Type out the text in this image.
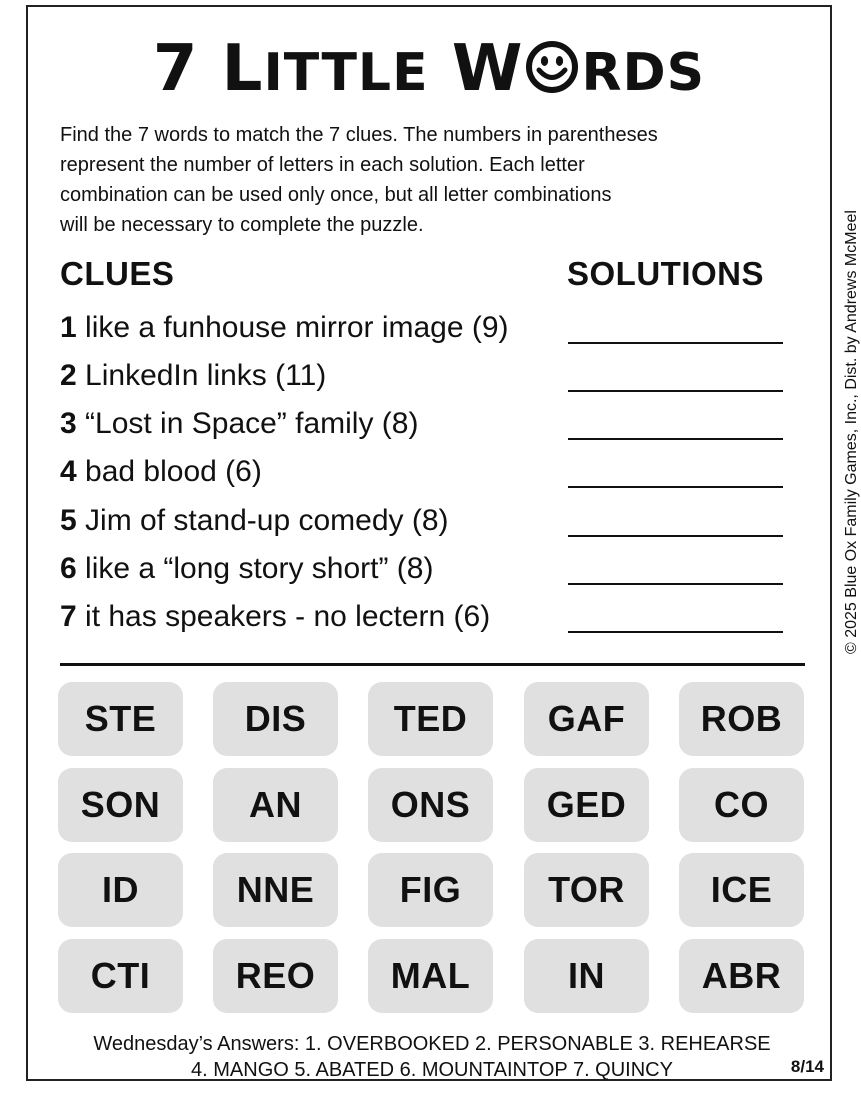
7 LITTLE W RDS

Find the 7 words to match the 7 clues. The numbers in parentheses

represent the number of letters in each solution. Each letter

combination can be used only once, but all letter combinations

will be necessary to complete the puzzle.

CLUES	SOLUTIONS
1 like a funhouse mirror image (9)
2 LinkedIn links (11)
3 “Lost in Space” family (8)
4 bad blood (6)
5 Jim of stand-up comedy (8)
6 like a “long story short” (8)
7 it has speakers - no lectern (6)
STE	DIS	TED	GAF	ROB
SON	AN	ONS	GED	CO
ID	NNE	FIG	TOR	ICE
CTI	REO	MAL	IN	ABR
Wednesday’s Answers: 1. OVERBOOKED 2. PERSONABLE 3. REHEARSE
4. MANGO 5. ABATED 6. MOUNTAINTOP 7. QUINCY	8/14
© 2025 Blue Ox Family Games, Inc., Dist. by Andrews McMeel
